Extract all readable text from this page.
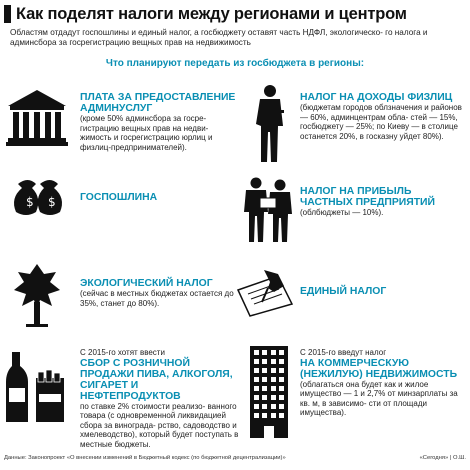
Как поделят налоги между регионами и центром
Областям отдадут госпошлины и единый налог, а госбюджету оставят часть НДФЛ, экологическо- го налога и админсбора за госрегистрацию вещных прав на недвижимость
Что планируют передать из госбюджета в регионы:
ПЛАТА ЗА ПРЕДОСТАВЛЕНИЕ АДМИНУСЛУГ
(кроме 50% админсбора за госре- гистрацию вещных прав на недви- жимость и госрегистрацию юрлиц и физлиц-предпринимателей).
НАЛОГ НА ДОХОДЫ ФИЗЛИЦ
(бюджетам городов облзначения и районов — 60%, админцентрам обла- стей — 15%, госбюджету — 25%; по Киеву — в столице останется 20%, в госказну уйдет 80%).
$ $ ГОСПОШЛИНА
НАЛОГ НА ПРИБЫЛЬ ЧАСТНЫХ ПРЕДПРИЯТИЙ
(облбюджеты — 10%).
ЭКОЛОГИЧЕСКИЙ НАЛОГ
(сейчас в местных бюджетах остается до 35%, станет до 80%).
ЕДИНЫЙ НАЛОГ
С 2015-го хотят ввести
СБОР С РОЗНИЧНОЙ ПРОДАЖИ ПИВА, АЛКОГОЛЯ, СИГАРЕТ И НЕФТЕПРОДУКТОВ
по ставке 2% стоимости реализо- ванного товара (с одновременной ликвидацией сбора за винограда- рство, садоводство и хмелеводство), который будет поступать в местные бюджеты.
С 2015-го введут налог
НА КОММЕРЧЕСКУЮ (НЕЖИЛУЮ) НЕДВИЖИМОСТЬ
(облагаться она будет как и жилое имущество — 1 и 2,7% от минзарплаты за кв. м, в зависимо- сти от площади имущества).
Данные: Законопроект «О внесении изменений в Бюджетный кодекс (по бюджетной децентрализации)»	«Сегодня» | О.Ш.
